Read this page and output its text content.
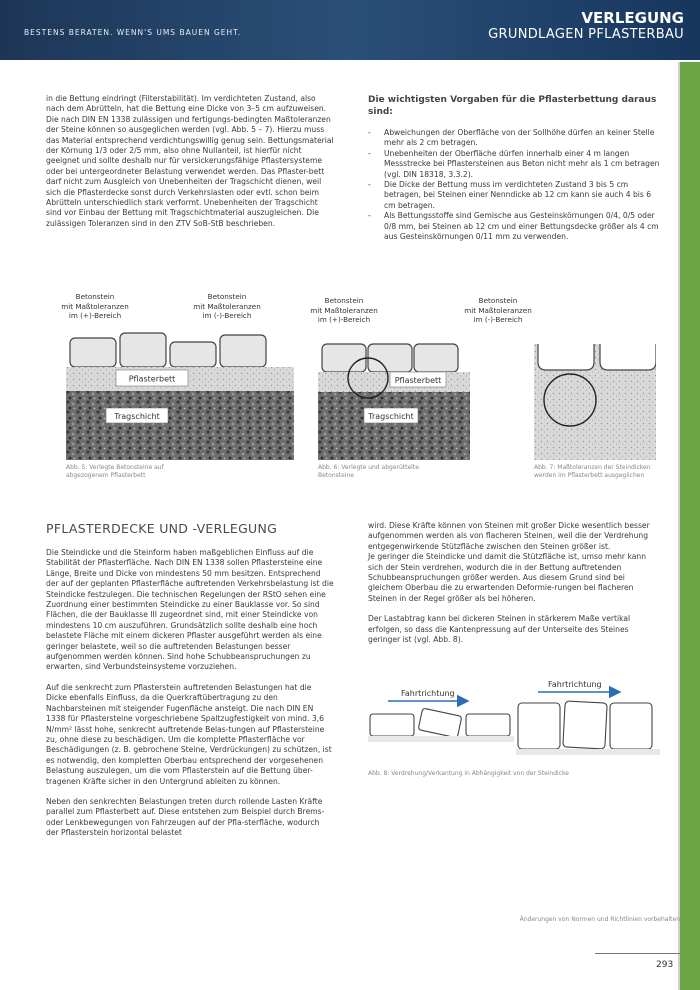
BESTENS BERATEN. WENN'S UMS BAUEN GEHT.
VERLEGUNG
GRUNDLAGEN PFLASTERBAU

in die Bettung eindringt (Filterstabilität). Im verdichteten Zustand, also nach dem Abrütteln, hat die Bettung eine Dicke von 3–5 cm aufzuweisen. Die nach DIN EN 1338 zulässigen und fertigungs-bedingten Maßtoleranzen der Steine können so ausgeglichen werden (vgl. Abb. 5 – 7). Hierzu muss das Material entsprechend verdichtungswillig genug sein. Bettungsmaterial der Körnung 1/3 oder 2/5 mm, also ohne Nullanteil, ist hierfür nicht geeignet und sollte deshalb nur für versickerungsfähige Pflastersysteme oder bei untergeordneter Belastung verwendet werden. Das Pflaster-bett darf nicht zum Ausgleich von Unebenheiten der Tragschicht dienen, weil sich die Pflasterdecke sonst durch Verkehrslasten oder evtl. schon beim Abrütteln unterschiedlich stark verformt. Unebenheiten der Tragschicht sind vor Einbau der Bettung mit Tragschichtmaterial auszugleichen. Die zulässigen Toleranzen sind in den ZTV SoB-StB beschrieben.

Die wichtigsten Vorgaben für die Pflasterbettung daraus sind:
- Abweichungen der Oberfläche von der Sollhöhe dürfen an keiner Stelle mehr als 2 cm betragen.
- Unebenheiten der Oberfläche dürfen innerhalb einer 4 m langen Messstrecke bei Pflastersteinen aus Beton nicht mehr als 1 cm betragen (vgl. DIN 18318, 3.3.2).
- Die Dicke der Bettung muss im verdichteten Zustand 3 bis 5 cm betragen, bei Steinen einer Nenndicke ab 12 cm kann sie auch 4 bis 6 cm betragen.
- Als Bettungsstoffe sind Gemische aus Gesteinskörnungen 0/4, 0/5 oder 0/8 mm, bei Steinen ab 12 cm und einer Bettungsdecke größer als 4 cm aus Gesteinskörnungen 0/11 mm zu verwenden.
Betonstein
mit Maßtoleranzen
im (+)-Bereich
Betonstein
mit Maßtoleranzen
im (-)-Bereich
Betonstein
mit Maßtoleranzen
im (+)-Bereich
Betonstein
mit Maßtoleranzen
im (-)-Bereich
Pflasterbett
Tragschicht
Pflasterbett
Tragschicht
Abb. 5: Verlegte Betonsteine auf
abgezogenem Pflasterbett
Abb. 6: Verlegte und abgerüttelte
Betonsteine
Abb. 7: Maßtoleranzen der Steindicken
werden im Pflasterbett ausgeglichen
PFLASTERDECKE UND -VERLEGUNG

Die Steindicke und die Steinform haben maßgeblichen Einfluss auf die Stabilität der Pflasterfläche. Nach DIN EN 1338 sollen Pflastersteine eine Länge, Breite und Dicke von mindestens 50 mm besitzen. Entsprechend der auf der geplanten Pflasterfläche auftretenden Verkehrsbelastung ist die Steindicke festzulegen. Die technischen Regelungen der RStO sehen eine Zuordnung einer bestimmten Steindicke zu einer Bauklasse vor. So sind Flächen, die der Bauklasse III zugeordnet sind, mit einer Steindicke von mindestens 10 cm auszuführen. Grundsätzlich sollte deshalb eine hoch belastete Fläche mit einem dickeren Pflaster ausgeführt werden als eine geringer belastete, weil so die auftretenden Belastungen besser aufgenommen werden können. Sind hohe Schubbeanspruchungen zu erwarten, sind Verbundsteinsysteme vorzuziehen.

Auf die senkrecht zum Pflasterstein auftretenden Belastungen hat die Dicke ebenfalls Einfluss, da die Querkraftübertragung zu den Nachbarsteinen mit steigender Fugenfläche ansteigt. Die nach DIN EN 1338 für Pflastersteine vorgeschriebene Spaltzugfestigkeit von mind. 3,6 N/mm² lässt hohe, senkrecht auftretende Belas-tungen auf Pflastersteine zu, ohne diese zu beschädigen. Um die komplette Pflasterfläche vor Beschädigungen (z. B. gebrochene Steine, Verdrückungen) zu schützen, ist es notwendig, den kompletten Oberbau entsprechend der vorgesehenen Belastung auszulegen, um die vom Pflasterstein auf die Bettung über-tragenen Kräfte sicher in den Untergrund ableiten zu können.

Neben den senkrechten Belastungen treten durch rollende Lasten Kräfte parallel zum Pflasterbett auf. Diese entstehen zum Beispiel durch Brems- oder Lenkbewegungen von Fahrzeugen auf der Pfla-sterfläche, wodurch der Pflasterstein horizontal belastet

wird. Diese Kräfte können von Steinen mit großer Dicke wesentlich besser aufgenommen werden als von flacheren Steinen, weil die der Verdrehung entgegenwirkende Stützfläche zwischen den Steinen größer ist.

Je geringer die Steindicke und damit die Stützfläche ist, umso mehr kann sich der Stein verdrehen, wodurch die in der Bettung auftretenden Schubbeanspruchungen größer werden. Aus diesem Grund sind bei gleichem Oberbau die zu erwartenden Deformie-rungen bei flacheren Steinen in der Regel größer als bei höheren.

Der Lastabtrag kann bei dickeren Steinen in stärkerem Maße vertikal erfolgen, so dass die Kantenpressung auf der Unterseite des Steines geringer ist (vgl. Abb. 8).

Fahrtrichtung
Fahrtrichtung
Abb. 8: Verdrehung/Verkantung in Abhängigkeit von der Steindicke
Änderungen von Normen und Richtlinien vorbehalten
293
